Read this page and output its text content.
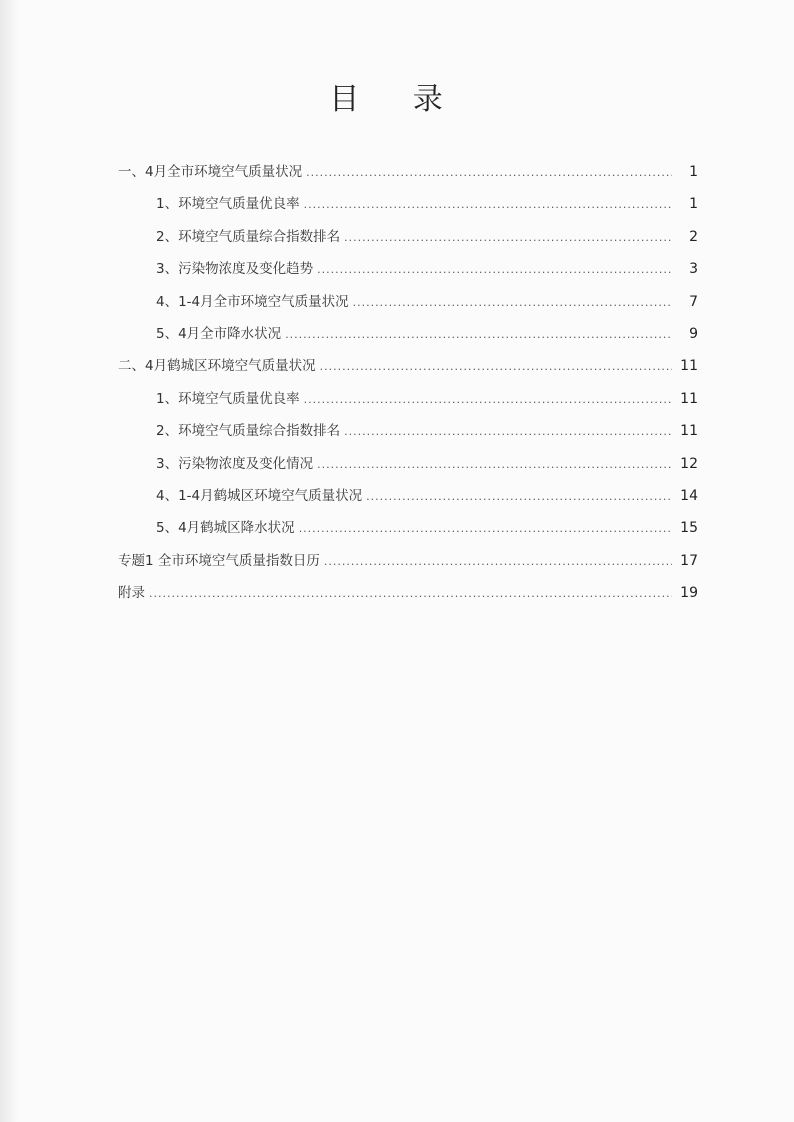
目 录
一、4月全市环境空气质量状况 .....	1
1、环境空气质量优良率 .....	1
2、环境空气质量综合指数排名 .....	2
3、污染物浓度及变化趋势 .....	3
4、1-4月全市环境空气质量状况 .....	7
5、4月全市降水状况 .....	9
二、4月鹤城区环境空气质量状况 .....	11
1、环境空气质量优良率 .....	11
2、环境空气质量综合指数排名 .....	11
3、污染物浓度及变化情况 .....	12
4、1-4月鹤城区环境空气质量状况 .....	14
5、4月鹤城区降水状况 .....	15
专题1 全市环境空气质量指数日历 .....	17
附录 .....	19
